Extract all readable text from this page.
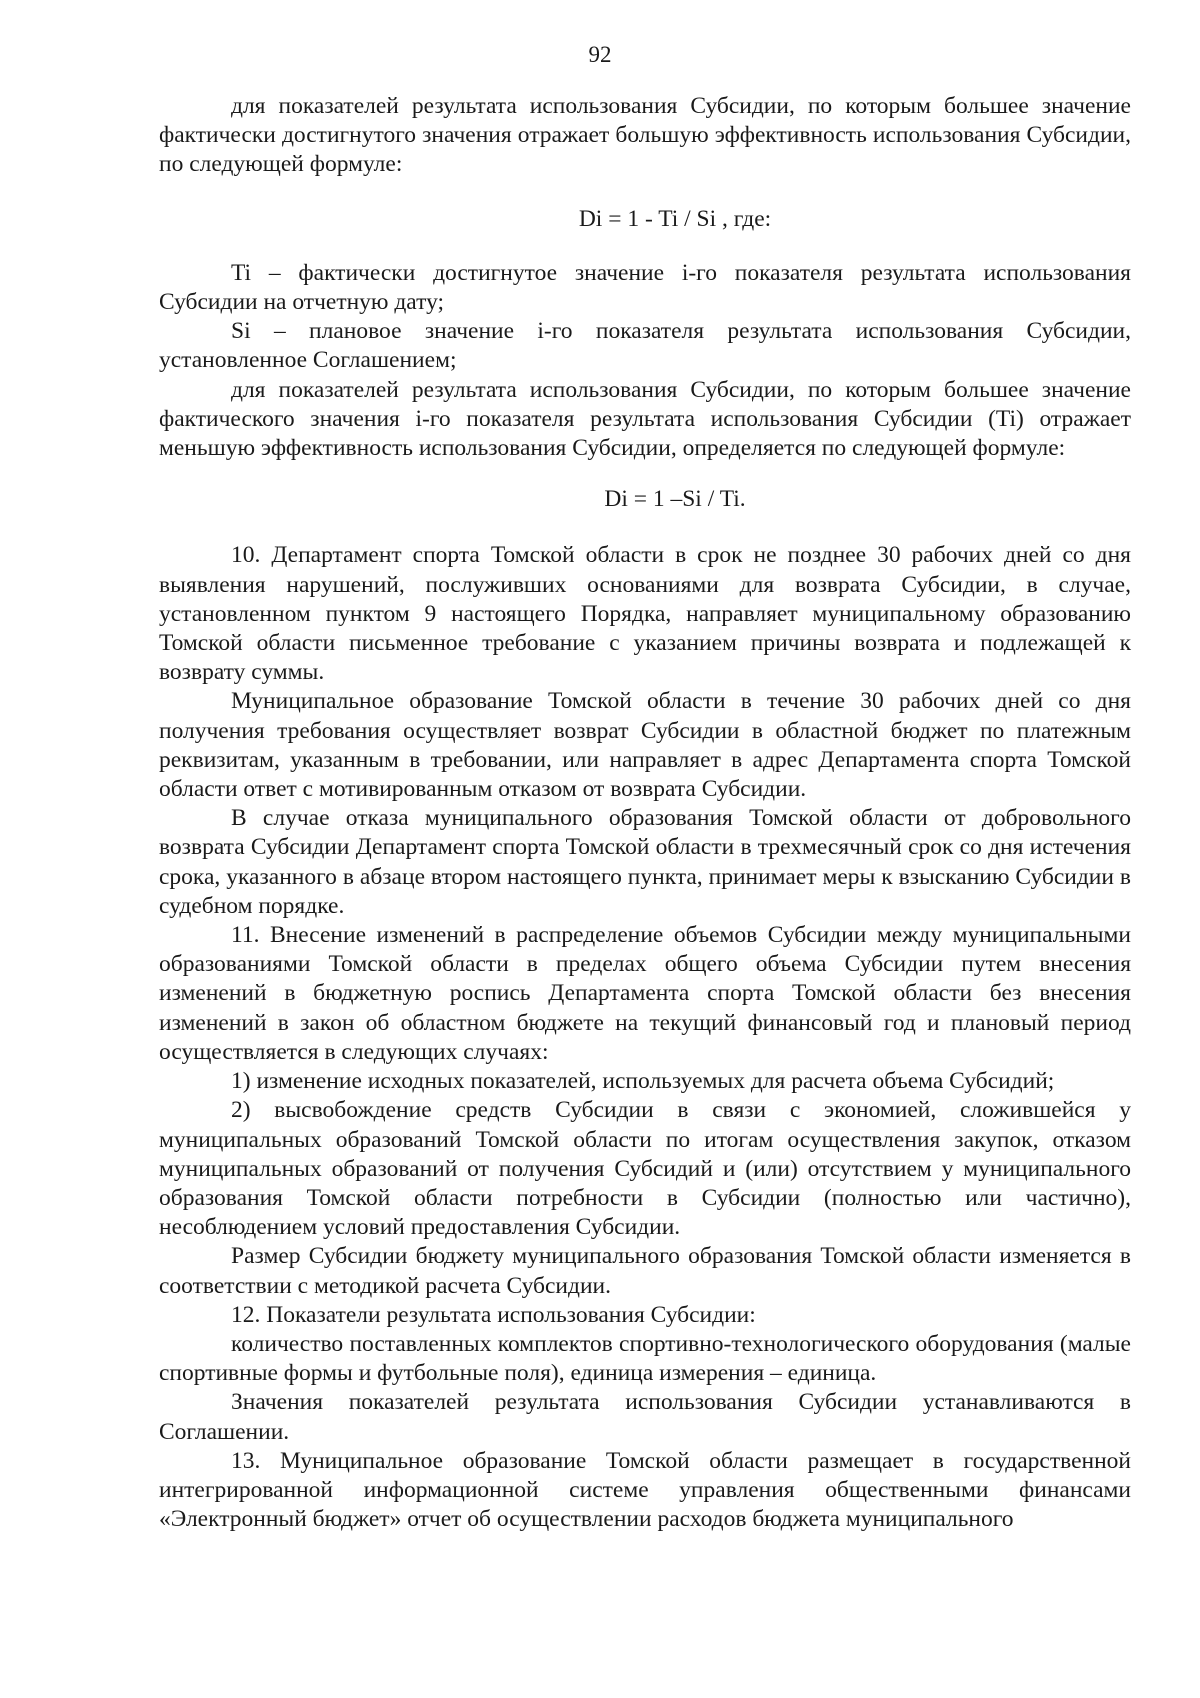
92

для показателей результата использования Субсидии, по которым большее значение фактически достигнутого значения отражает большую эффективность использования Субсидии, по следующей формуле:

Di = 1 - Ti / Si , где:

Ti – фактически достигнутое значение i-го показателя результата использования Субсидии на отчетную дату;

Si – плановое значение i-го показателя результата использования Субсидии, установленное Соглашением;

для показателей результата использования Субсидии, по которым большее значение фактического значения i-го показателя результата использования Субсидии (Ti) отражает меньшую эффективность использования Субсидии, определяется по следующей формуле:

Di = 1 –Si / Ti.

10. Департамент спорта Томской области в срок не позднее 30 рабочих дней со дня выявления нарушений, послуживших основаниями для возврата Субсидии, в случае, установленном пунктом 9 настоящего Порядка, направляет муниципальному образованию Томской области письменное требование с указанием причины возврата и подлежащей к возврату суммы.

Муниципальное образование Томской области в течение 30 рабочих дней со дня получения требования осуществляет возврат Субсидии в областной бюджет по платежным реквизитам, указанным в требовании, или направляет в адрес Департамента спорта Томской области ответ с мотивированным отказом от возврата Субсидии.

В случае отказа муниципального образования Томской области от добровольного возврата Субсидии Департамент спорта Томской области в трехмесячный срок со дня истечения срока, указанного в абзаце втором настоящего пункта, принимает меры к взысканию Субсидии в судебном порядке.

11. Внесение изменений в распределение объемов Субсидии между муниципальными образованиями Томской области в пределах общего объема Субсидии путем внесения изменений в бюджетную роспись Департамента спорта Томской области без внесения изменений в закон об областном бюджете на текущий финансовый год и плановый период осуществляется в следующих случаях:

1) изменение исходных показателей, используемых для расчета объема Субсидий;

2) высвобождение средств Субсидии в связи с экономией, сложившейся у муниципальных образований Томской области по итогам осуществления закупок, отказом муниципальных образований от получения Субсидий и (или) отсутствием у муниципального образования Томской области потребности в Субсидии (полностью или частично), несоблюдением условий предоставления Субсидии.

Размер Субсидии бюджету муниципального образования Томской области изменяется в соответствии с методикой расчета Субсидии.

12. Показатели результата использования Субсидии:

количество поставленных комплектов спортивно-технологического оборудования (малые спортивные формы и футбольные поля), единица измерения – единица.

Значения показателей результата использования Субсидии устанавливаются в Соглашении.

13. Муниципальное образование Томской области размещает в государственной интегрированной информационной системе управления общественными финансами «Электронный бюджет» отчет об осуществлении расходов бюджета муниципального
